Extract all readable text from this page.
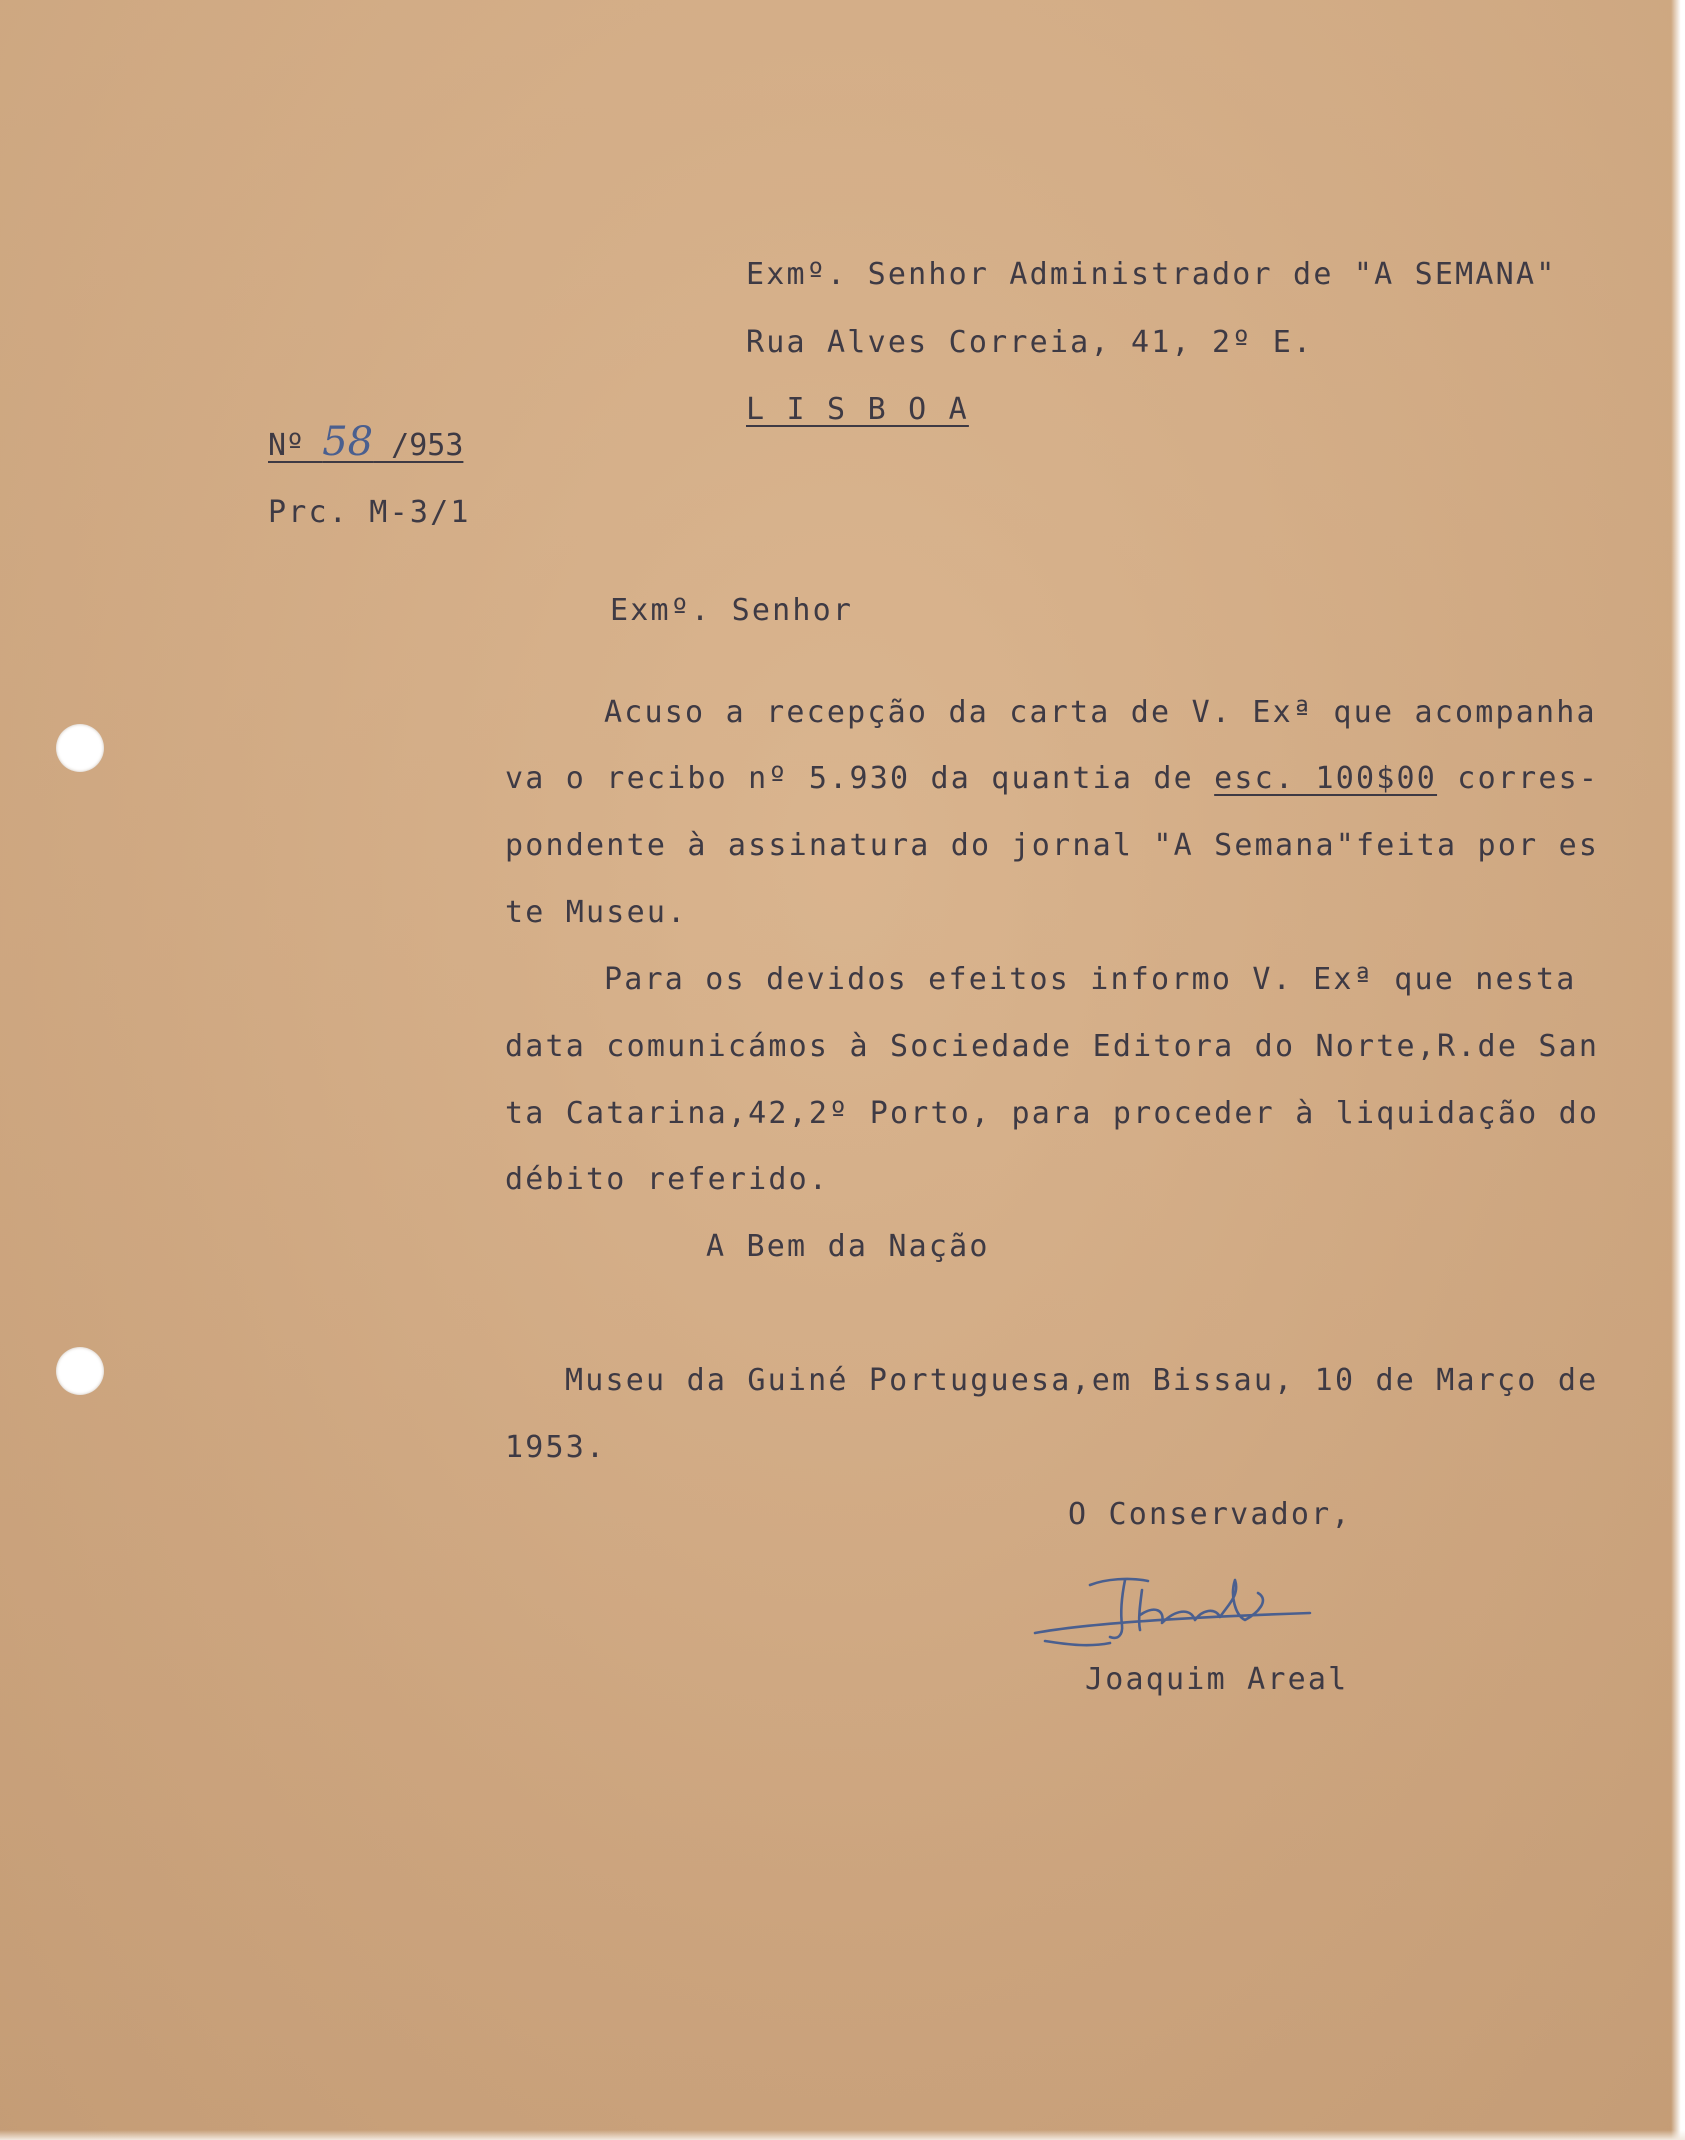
Exmº. Senhor Administrador de "A SEMANA"
Rua Alves Correia, 41, 2º E.
L I S B O A
Nº 58 /953
Prc. M-3/1
Exmº. Senhor
Acuso a recepção da carta de V. Exª que acompanha
va o recibo nº 5.930 da quantia de esc. 100$00 corres-
pondente à assinatura do jornal "A Semana"feita por es
te Museu.
Para os devidos efeitos informo V. Exª que nesta
data comunicámos à Sociedade Editora do Norte,R.de San
ta Catarina,42,2º Porto, para proceder à liquidação do
débito referido.
A Bem da Nação
Museu da Guiné Portuguesa,em Bissau, 10 de Março de
1953.
O Conservador,
Joaquim Areal
